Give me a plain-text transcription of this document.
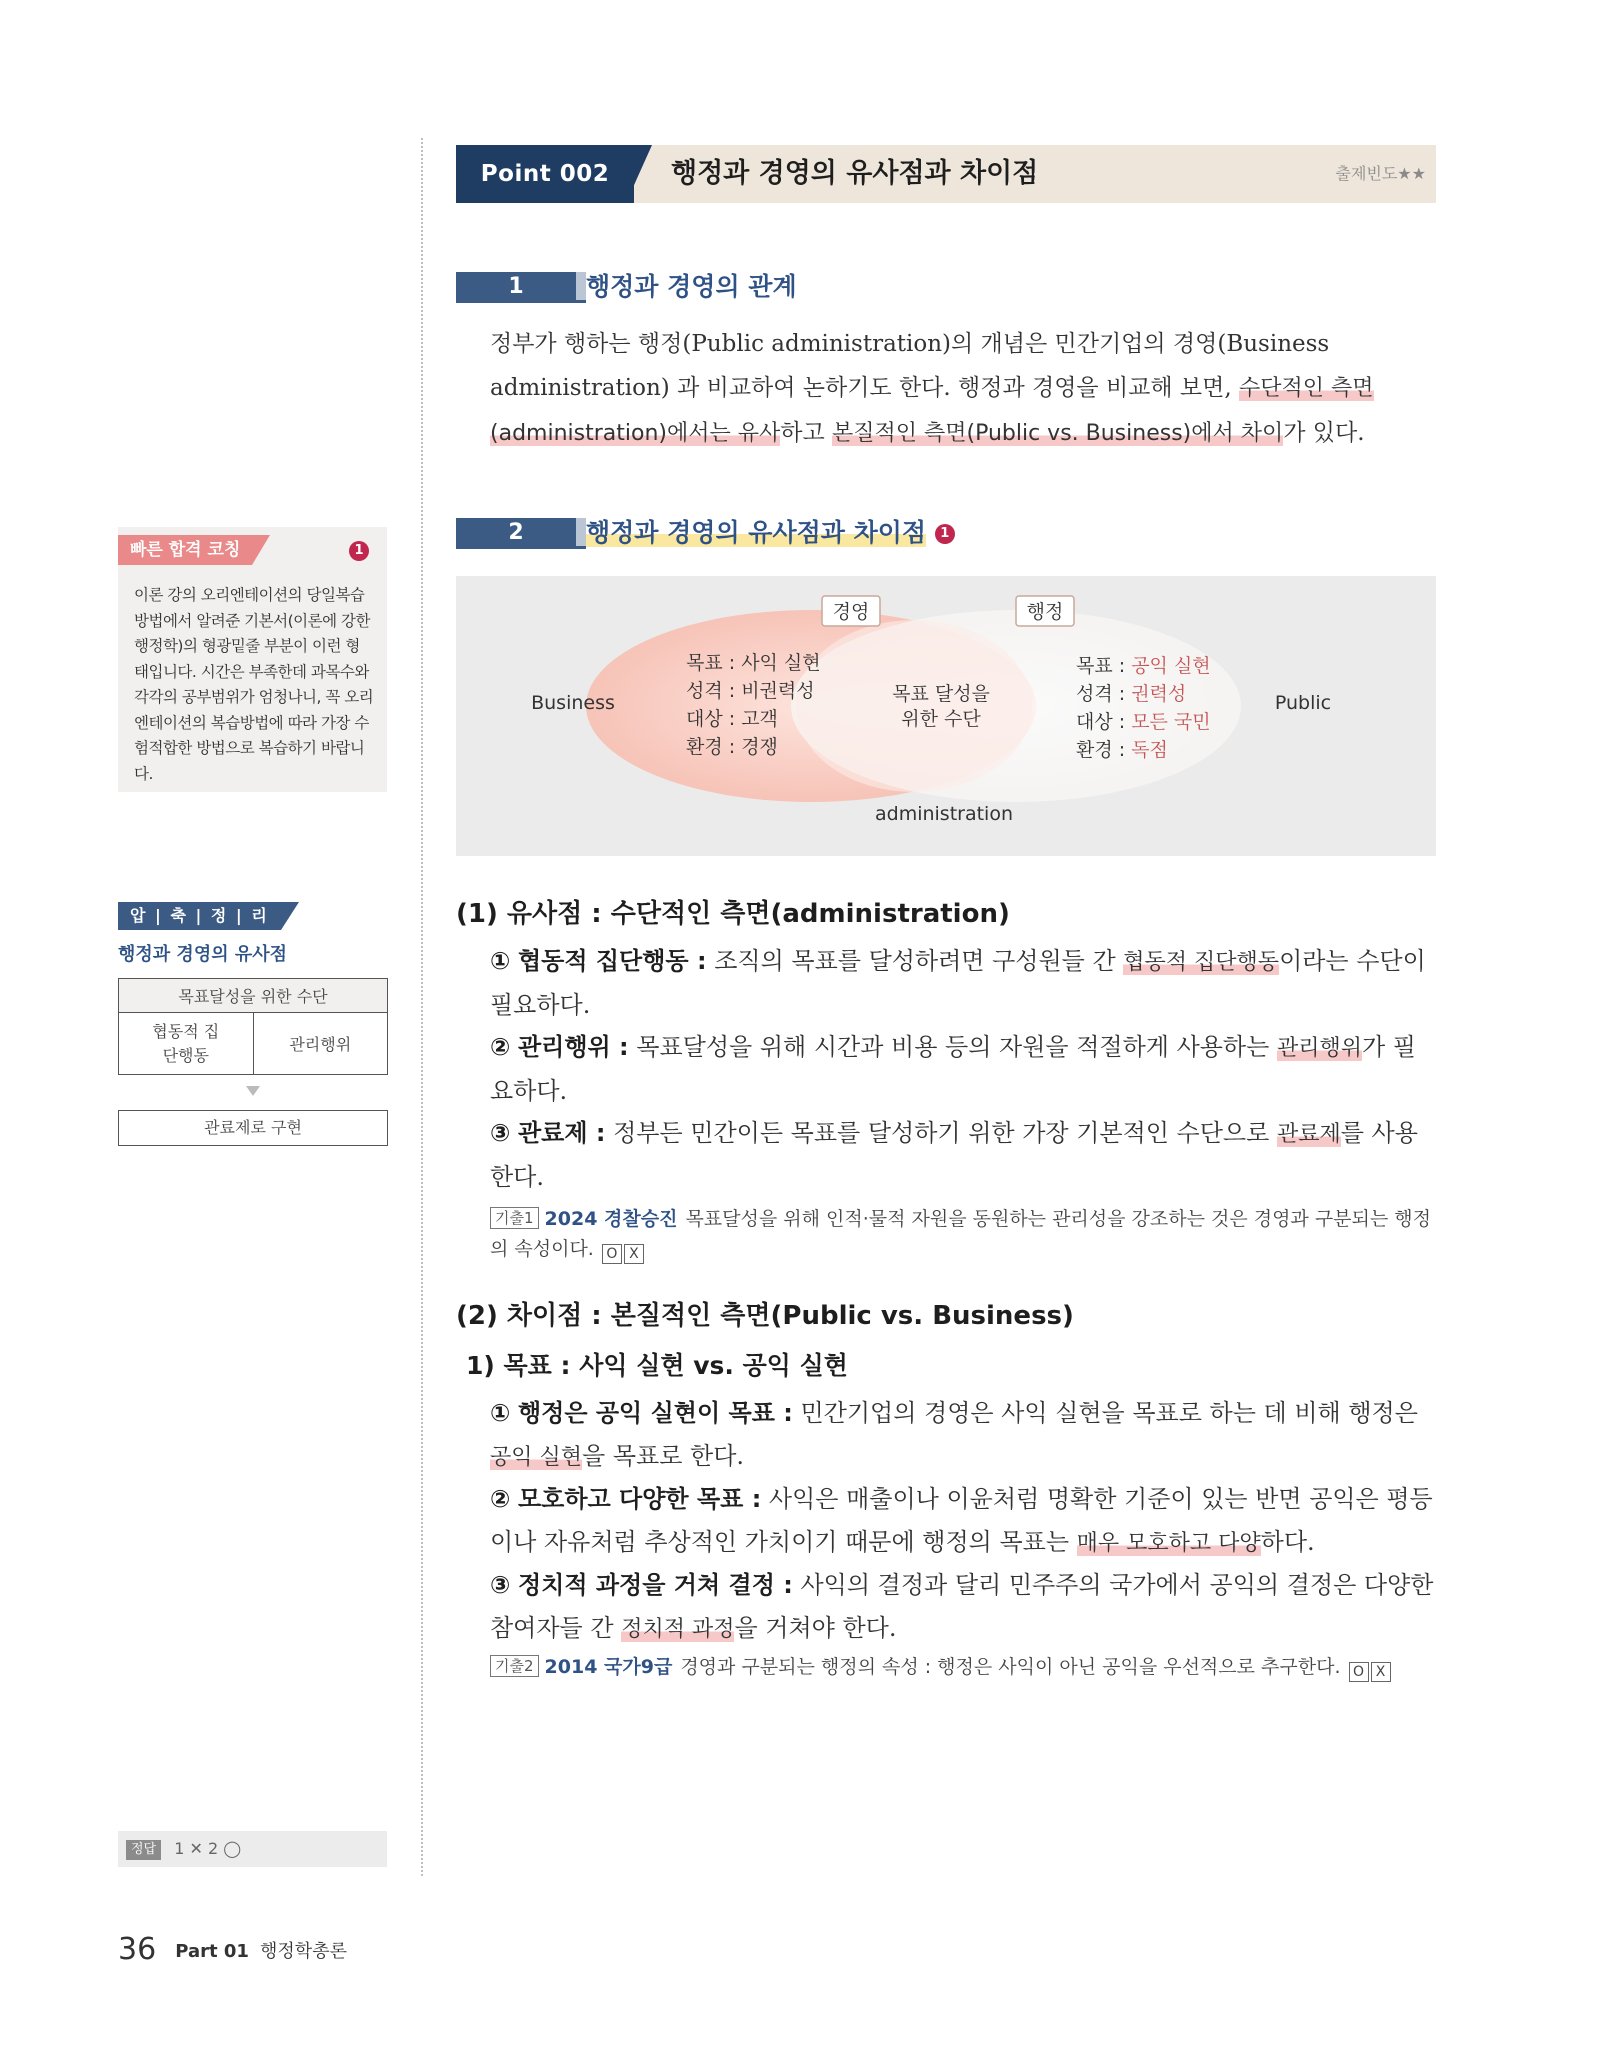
Point 002	행정과 경영의 유사점과 차이점	출제빈도★★
1	행정과 경영의 관계
정부가 행하는 행정(Public administration)의 개념은 민간기업의 경영(Business administration) 과 비교하여 논하기도 한다. 행정과 경영을 비교해 보면, 수단적인 측면(administration)에서는 유사하고 본질적인 측면(Public vs. Business)에서 차이가 있다.
2	행정과 경영의 유사점과 차이점 1
경영	행정
Business	Public
administration
목표 달성을
위한 수단
목표 : 사익 실현
성격 : 비권력성
대상 : 고객
환경 : 경쟁
목표 : 공익 실현
성격 : 권력성
대상 : 모든 국민
환경 : 독점
(1) 유사점 : 수단적인 측면(administration)
① 협동적 집단행동 : 조직의 목표를 달성하려면 구성원들 간 협동적 집단행동이라는 수단이 필요하다.
② 관리행위 : 목표달성을 위해 시간과 비용 등의 자원을 적절하게 사용하는 관리행위가 필요하다.
③ 관료제 : 정부든 민간이든 목표를 달성하기 위한 가장 기본적인 수단으로 관료제를 사용한다.
기출1 2024 경찰승진 목표달성을 위해 인적·물적 자원을 동원하는 관리성을 강조하는 것은 경영과 구분되는 행정의 속성이다. O X
(2) 차이점 : 본질적인 측면(Public vs. Business)
1) 목표 : 사익 실현 vs. 공익 실현
① 행정은 공익 실현이 목표 : 민간기업의 경영은 사익 실현을 목표로 하는 데 비해 행정은 공익 실현을 목표로 한다.
② 모호하고 다양한 목표 : 사익은 매출이나 이윤처럼 명확한 기준이 있는 반면 공익은 평등이나 자유처럼 추상적인 가치이기 때문에 행정의 목표는 매우 모호하고 다양하다.
③ 정치적 과정을 거쳐 결정 : 사익의 결정과 달리 민주주의 국가에서 공익의 결정은 다양한 참여자들 간 정치적 과정을 거쳐야 한다.
기출2 2014 국가9급 경영과 구분되는 행정의 속성 : 행정은 사익이 아닌 공익을 우선적으로 추구한다. O X
빠른 합격 코칭	1
이론 강의 오리엔테이션의 당일복습 방법에서 알려준 기본서(이론에 강한 행정학)의 형광밑줄 부분이 이런 형태입니다. 시간은 부족한데 과목수와 각각의 공부범위가 엄청나니, 꼭 오리엔테이션의 복습방법에 따라 가장 수험적합한 방법으로 복습하기 바랍니다.
압 | 축 | 정 | 리
행정과 경영의 유사점
목표달성을 위한 수단
협동적 집단행동	관리행위
관료제로 구현
정답 1 ✕ 2 ◯
36 Part 01 행정학총론
